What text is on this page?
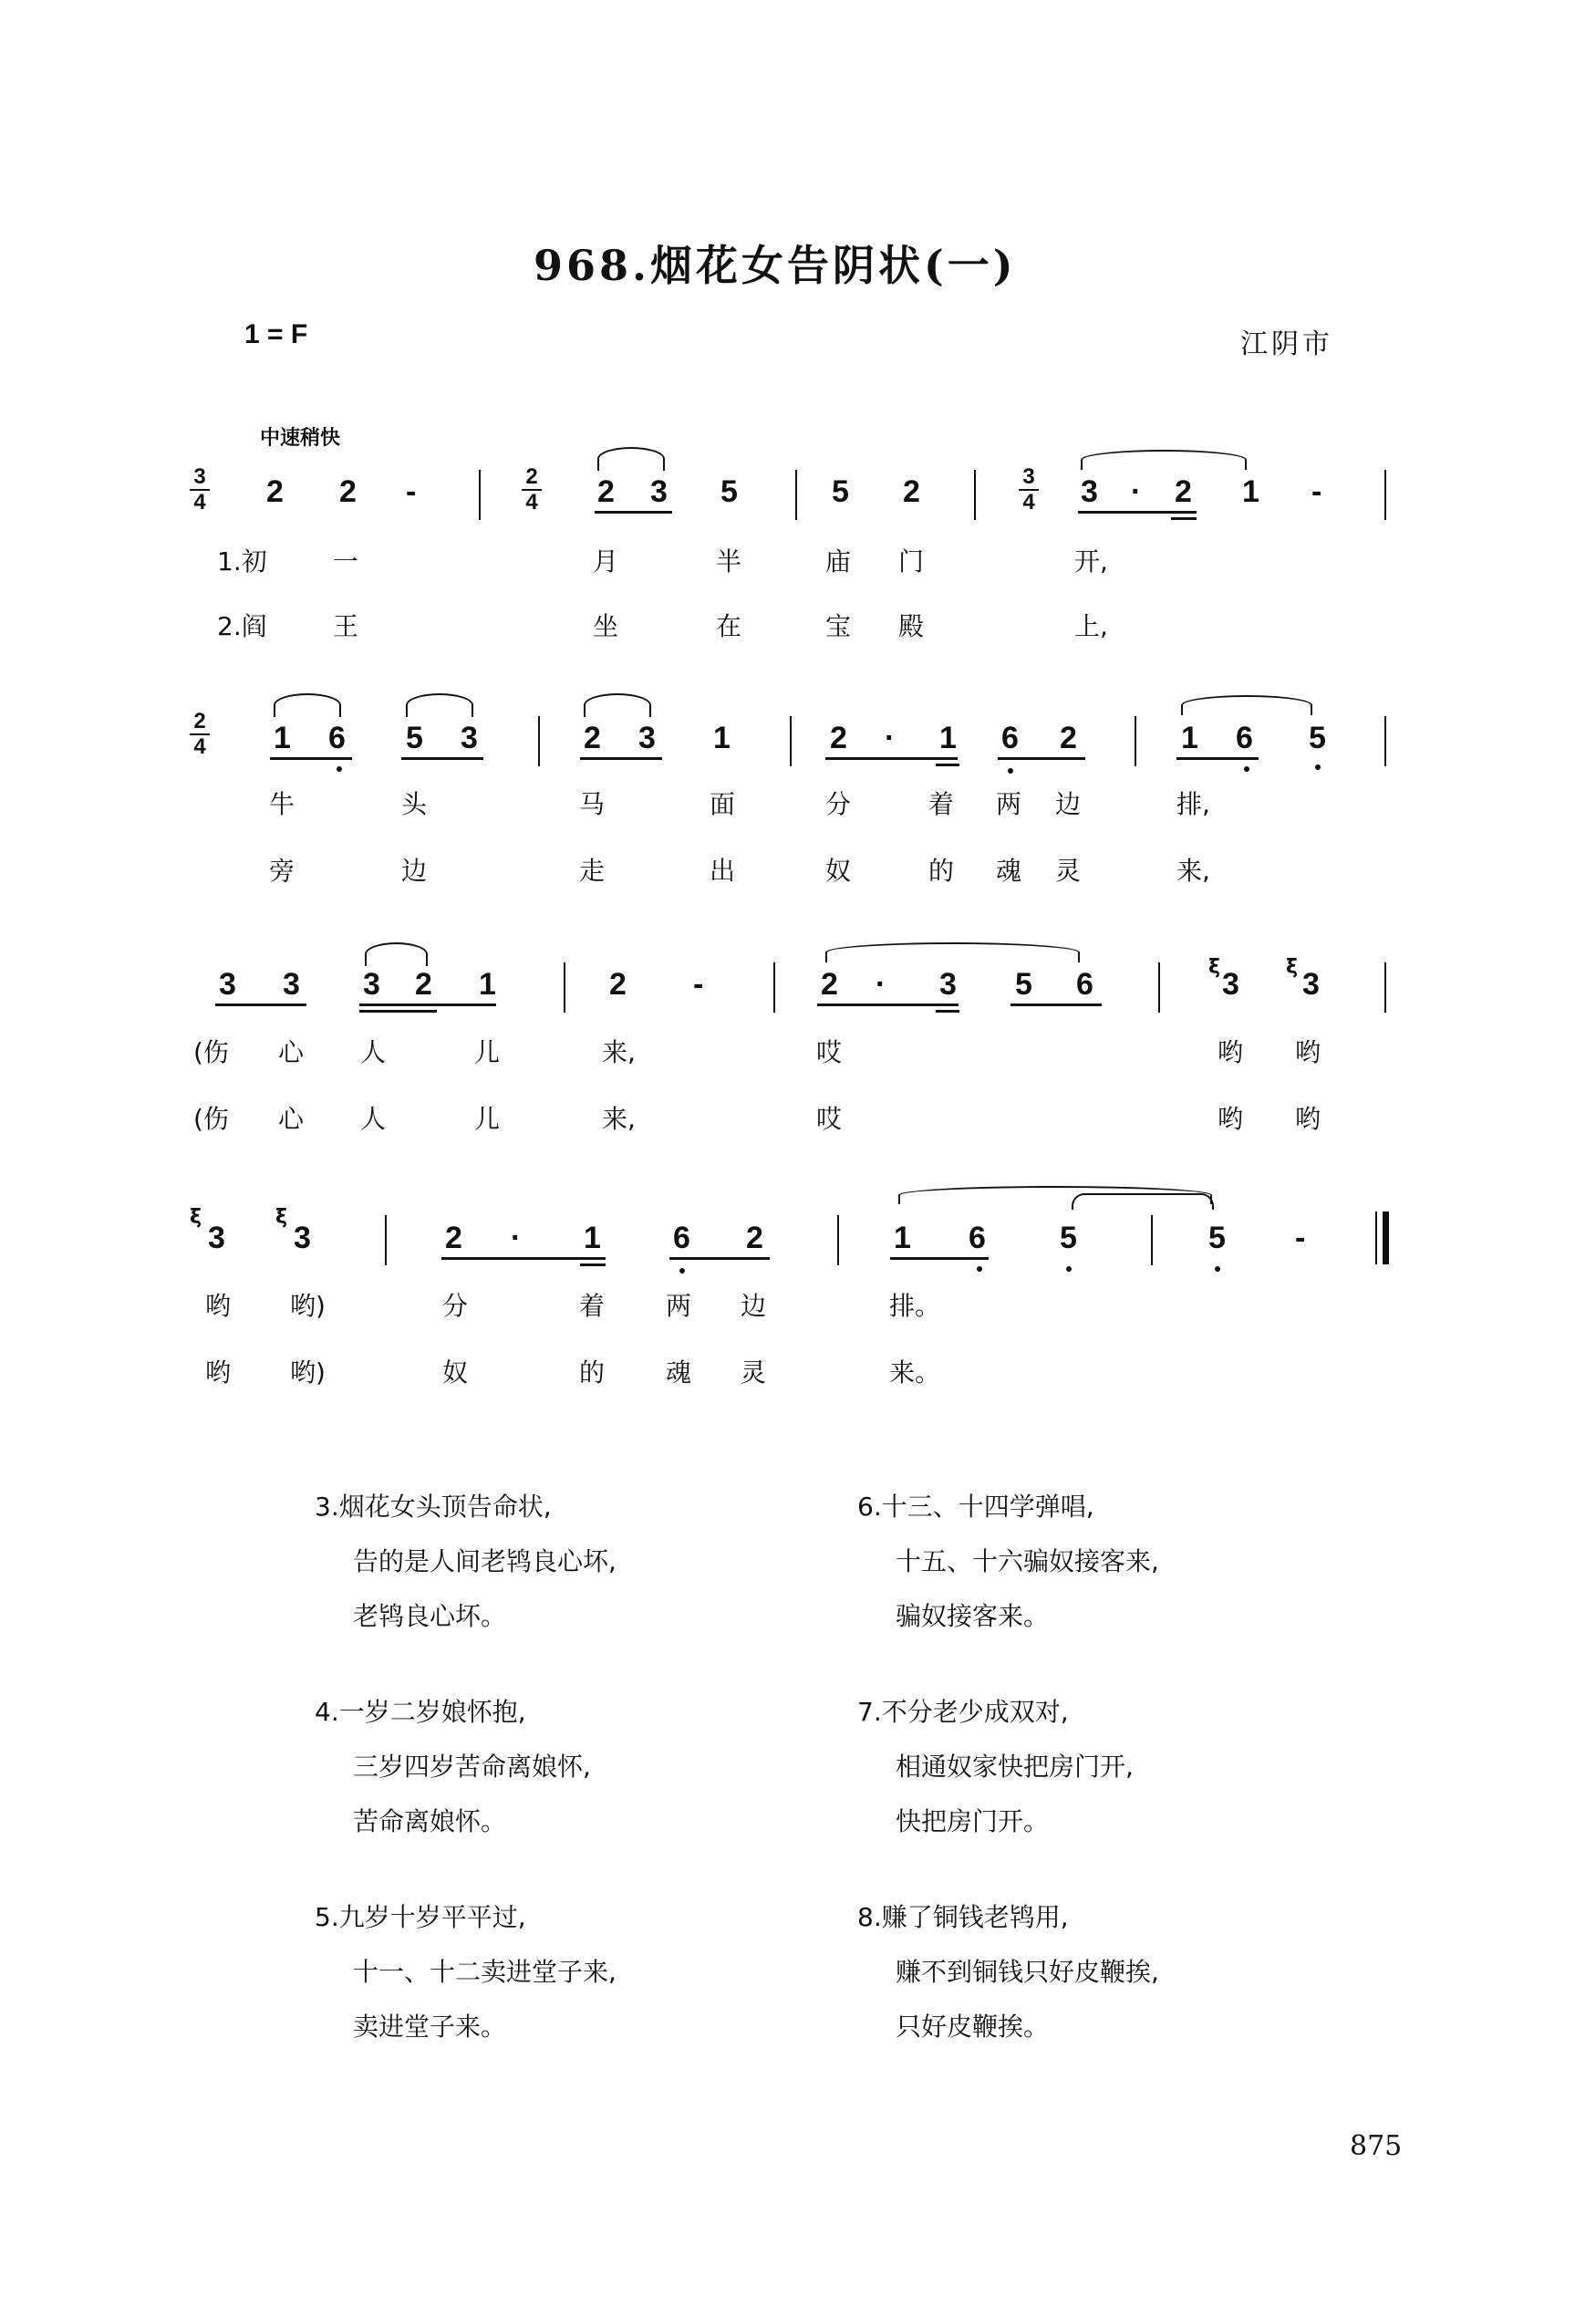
968.烟花女告阴状(一)
1 = F	江阴市
中速稍快
3
4 2 2 -	2
4 2 3 5	5 2	3
4 3 · 2 1 -
1.初	一	月	半	庙 门	开,
2.阎	王	坐	在	宝 殿	上,
2
4 1 6 5 3	2 3 1	2 · 1 6 2	1 6 5
牛	头	马	面	分	着 两 边	排,
旁	边	走	出	奴	的 魂 灵	来,
3 3 3 2 1	2 -	2 · 3 5 6	ξ 3 ξ 3
(伤 心 人	儿	来,	哎	哟 哟
(伤 心 人	儿	来,	哎	哟 哟
ξ
3
ξ
3	2 · 1 6 2	1 6 5	5 -
哟 哟)	分	着 两 边	排。
哟 哟)	奴	的 魂 灵	来。
3.烟花女头顶告命状,
告的是人间老鸨良心坏,
老鸨良心坏。
4.一岁二岁娘怀抱,
三岁四岁苦命离娘怀,
苦命离娘怀。
5.九岁十岁平平过,
十一、十二卖进堂子来,
卖进堂子来。
6.十三、十四学弹唱,
十五、十六骗奴接客来,
骗奴接客来。
7.不分老少成双对,
相通奴家快把房门开,
快把房门开。
8.赚了铜钱老鸨用,
赚不到铜钱只好皮鞭挨,
只好皮鞭挨。
875
